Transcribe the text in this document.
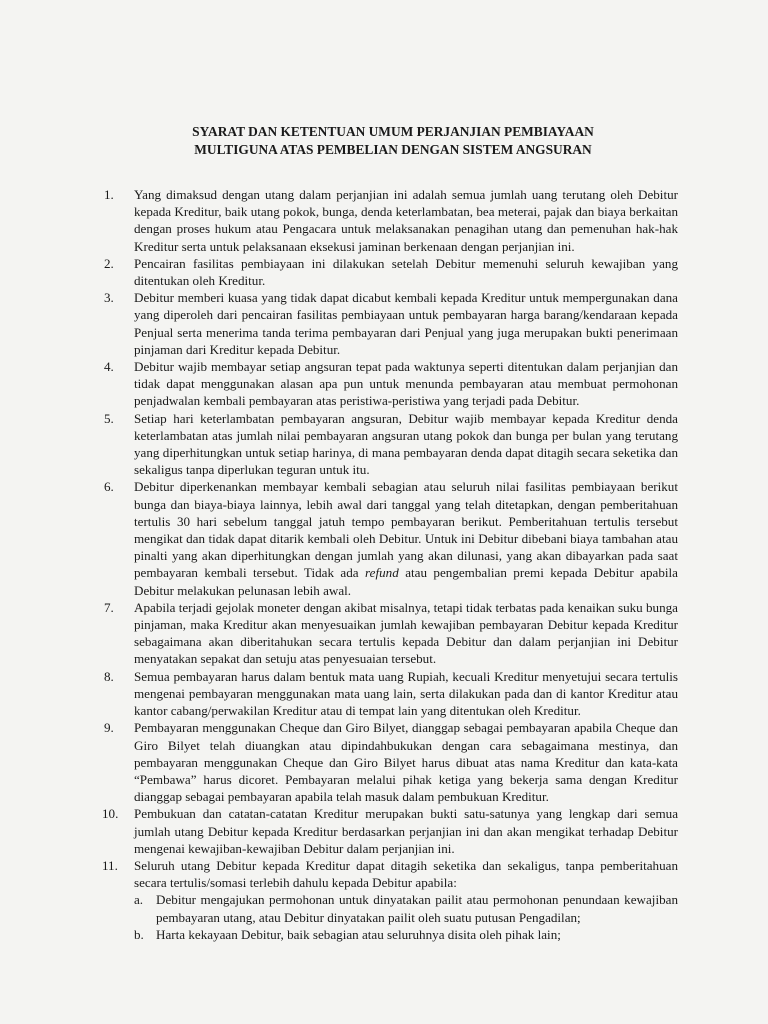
SYARAT DAN KETENTUAN UMUM PERJANJIAN PEMBIAYAAN
MULTIGUNA ATAS PEMBELIAN DENGAN SISTEM ANGSURAN
1.	Yang dimaksud dengan utang dalam perjanjian ini adalah semua jumlah uang terutang oleh Debitur kepada Kreditur, baik utang pokok, bunga, denda keterlambatan, bea meterai, pajak dan biaya berkaitan dengan proses hukum atau Pengacara untuk melaksanakan penagihan utang dan pemenuhan hak-hak Kreditur serta untuk pelaksanaan eksekusi jaminan berkenaan dengan perjanjian ini.
2.	Pencairan fasilitas pembiayaan ini dilakukan setelah Debitur memenuhi seluruh kewajiban yang ditentukan oleh Kreditur.
3.	Debitur memberi kuasa yang tidak dapat dicabut kembali kepada Kreditur untuk mempergunakan dana yang diperoleh dari pencairan fasilitas pembiayaan untuk pembayaran harga barang/kendaraan kepada Penjual serta menerima tanda terima pembayaran dari Penjual yang juga merupakan bukti penerimaan pinjaman dari Kreditur kepada Debitur.
4.	Debitur wajib membayar setiap angsuran tepat pada waktunya seperti ditentukan dalam perjanjian dan tidak dapat menggunakan alasan apa pun untuk menunda pembayaran atau membuat permohonan penjadwalan kembali pembayaran atas peristiwa-peristiwa yang terjadi pada Debitur.
5.	Setiap hari keterlambatan pembayaran angsuran, Debitur wajib membayar kepada Kreditur denda keterlambatan atas jumlah nilai pembayaran angsuran utang pokok dan bunga per bulan yang terutang yang diperhitungkan untuk setiap harinya, di mana pembayaran denda dapat ditagih secara seketika dan sekaligus tanpa diperlukan teguran untuk itu.
6.	Debitur diperkenankan membayar kembali sebagian atau seluruh nilai fasilitas pembiayaan berikut bunga dan biaya-biaya lainnya, lebih awal dari tanggal yang telah ditetapkan, dengan pemberitahuan tertulis 30 hari sebelum tanggal jatuh tempo pembayaran berikut. Pemberitahuan tertulis tersebut mengikat dan tidak dapat ditarik kembali oleh Debitur. Untuk ini Debitur dibebani biaya tambahan atau pinalti yang akan diperhitungkan dengan jumlah yang akan dilunasi, yang akan dibayarkan pada saat pembayaran kembali tersebut. Tidak ada refund atau pengembalian premi kepada Debitur apabila Debitur melakukan pelunasan lebih awal.
7.	Apabila terjadi gejolak moneter dengan akibat misalnya, tetapi tidak terbatas pada kenaikan suku bunga pinjaman, maka Kreditur akan menyesuaikan jumlah kewajiban pembayaran Debitur kepada Kreditur sebagaimana akan diberitahukan secara tertulis kepada Debitur dan dalam perjanjian ini Debitur menyatakan sepakat dan setuju atas penyesuaian tersebut.
8.	Semua pembayaran harus dalam bentuk mata uang Rupiah, kecuali Kreditur menyetujui secara tertulis mengenai pembayaran menggunakan mata uang lain, serta dilakukan pada dan di kantor Kreditur atau kantor cabang/perwakilan Kreditur atau di tempat lain yang ditentukan oleh Kreditur.
9.	Pembayaran menggunakan Cheque dan Giro Bilyet, dianggap sebagai pembayaran apabila Cheque dan Giro Bilyet telah diuangkan atau dipindahbukukan dengan cara sebagaimana mestinya, dan pembayaran menggunakan Cheque dan Giro Bilyet harus dibuat atas nama Kreditur dan kata-kata “Pembawa” harus dicoret. Pembayaran melalui pihak ketiga yang bekerja sama dengan Kreditur dianggap sebagai pembayaran apabila telah masuk dalam pembukuan Kreditur.
10.	Pembukuan dan catatan-catatan Kreditur merupakan bukti satu-satunya yang lengkap dari semua jumlah utang Debitur kepada Kreditur berdasarkan perjanjian ini dan akan mengikat terhadap Debitur mengenai kewajiban-kewajiban Debitur dalam perjanjian ini.
11.	Seluruh utang Debitur kepada Kreditur dapat ditagih seketika dan sekaligus, tanpa pemberitahuan secara tertulis/somasi terlebih dahulu kepada Debitur apabila:
a. Debitur mengajukan permohonan untuk dinyatakan pailit atau permohonan penundaan kewajiban pembayaran utang, atau Debitur dinyatakan pailit oleh suatu putusan Pengadilan;
b. Harta kekayaan Debitur, baik sebagian atau seluruhnya disita oleh pihak lain;
